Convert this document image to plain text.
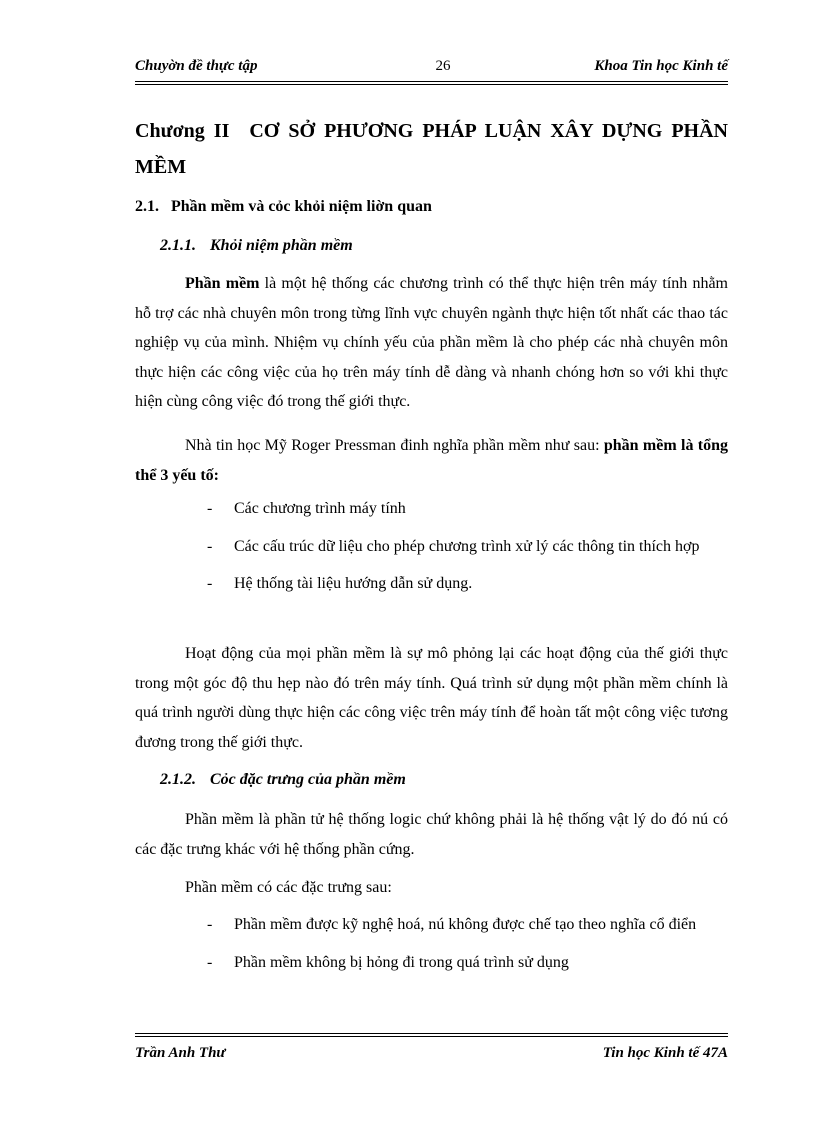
Chuyờn đề thực tập	26	Khoa Tin học Kinh tế
Chương II CƠ SỞ PHƯƠNG PHÁP LUẬN XÂY DỰNG PHẦN MỀM
2.1. Phần mềm và cỏc khỏi niệm liờn quan
2.1.1. Khỏi niệm phần mềm
Phần mềm là một hệ thống các chương trình có thể thực hiện trên máy tính nhằm hỗ trợ các nhà chuyên môn trong từng lĩnh vực chuyên ngành thực hiện tốt nhất các thao tác nghiệp vụ của mình. Nhiệm vụ chính yếu của phần mềm là cho phép các nhà chuyên môn thực hiện các công việc của họ trên máy tính dễ dàng và nhanh chóng hơn so với khi thực hiện cùng công việc đó trong thế giới thực.
Nhà tin học Mỹ Roger Pressman đinh nghĩa phần mềm như sau: phần mềm là tổng thể 3 yếu tố:
- Các chương trình máy tính
- Các cấu trúc dữ liệu cho phép chương trình xử lý các thông tin thích hợp
- Hệ thống tài liệu hướng dẫn sử dụng.
Hoạt động của mọi phần mềm là sự mô phỏng lại các hoạt động của thế giới thực trong một góc độ thu hẹp nào đó trên máy tính. Quá trình sử dụng một phần mềm chính là quá trình người dùng thực hiện các công việc trên máy tính để hoàn tất một công việc tương đương trong thế giới thực.
2.1.2. Cỏc đặc trưng của phần mềm
Phần mềm là phần tử hệ thống logic chứ không phải là hệ thống vật lý do đó nú có các đặc trưng khác với hệ thống phần cứng.
Phần mềm có các đặc trưng sau:
- Phần mềm được kỹ nghệ hoá, nú không được chế tạo theo nghĩa cổ điển
- Phần mềm không bị hỏng đi trong quá trình sử dụng
Trần Anh Thư	Tin học Kinh tế 47A
